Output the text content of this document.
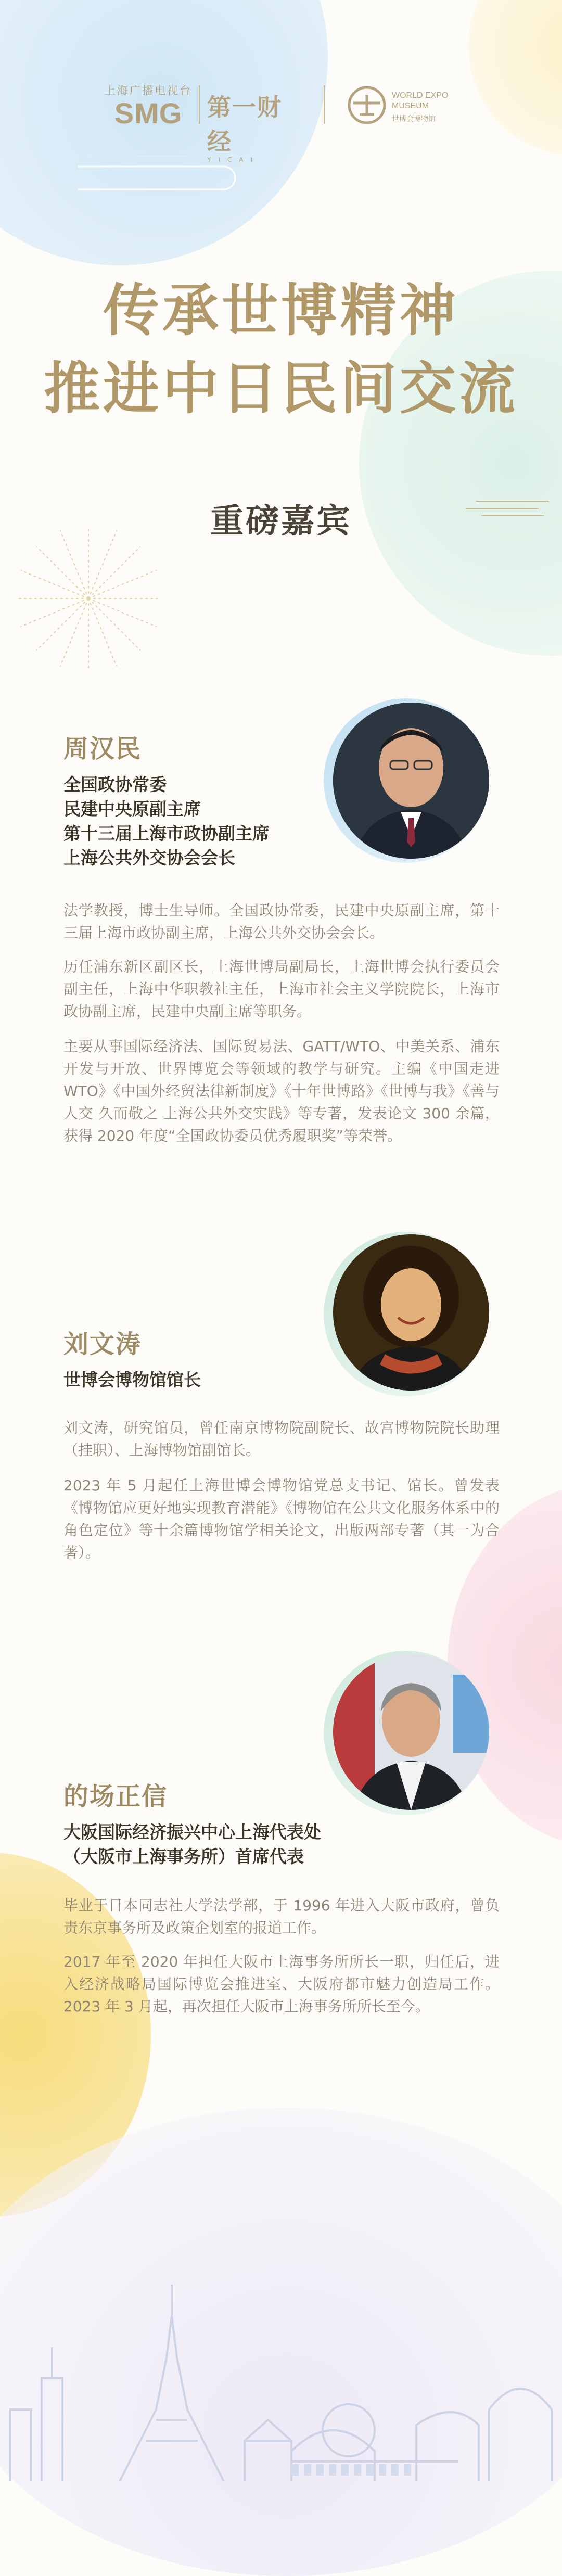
上海广播电视台
SMG	第一财经
YICAI
WORLD EXPO
MUSEUM
世博会博物馆
传承世博精神
推进中日民间交流
重磅嘉宾
周汉民
全国政协常委
民建中央原副主席
第十三届上海市政协副主席
上海公共外交协会会长
法学教授，博士生导师。全国政协常委，民建中央原副主席，第十三届上海市政协副主席，上海公共外交协会会长。
历任浦东新区副区长，上海世博局副局长，上海世博会执行委员会副主任，上海中华职教社主任，上海市社会主义学院院长，上海市政协副主席，民建中央副主席等职务。
主要从事国际经济法、国际贸易法、GATT/WTO、中美关系、浦东开发与开放、世界博览会等领域的教学与研究。主编《中国走进 WTO》《中国外经贸法律新制度》《十年世博路》《世博与我》《善与人交 久而敬之 上海公共外交实践》等专著，发表论文 300 余篇，获得 2020 年度“全国政协委员优秀履职奖”等荣誉。
刘文涛
世博会博物馆馆长
刘文涛，研究馆员，曾任南京博物院副院长、故宫博物院院长助理（挂职）、上海博物馆副馆长。
2023 年 5 月起任上海世博会博物馆党总支书记、馆长。曾发表《博物馆应更好地实现教育潜能》《博物馆在公共文化服务体系中的角色定位》等十余篇博物馆学相关论文，出版两部专著（其一为合著）。
的场正信
大阪国际经济振兴中心上海代表处
（大阪市上海事务所）首席代表
毕业于日本同志社大学法学部，于 1996 年进入大阪市政府，曾负责东京事务所及政策企划室的报道工作。
2017 年至 2020 年担任大阪市上海事务所所长一职，归任后，进入经济战略局国际博览会推进室、大阪府都市魅力创造局工作。2023 年 3 月起，再次担任大阪市上海事务所所长至今。
